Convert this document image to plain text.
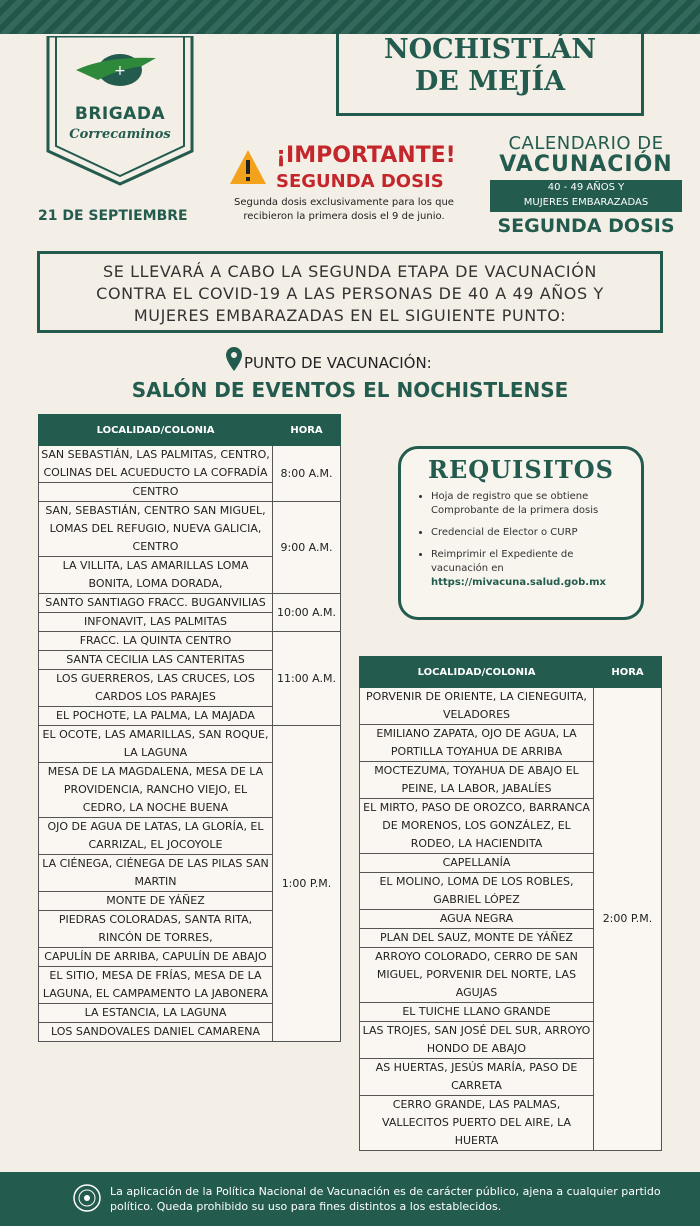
+
BRIGADA
Correcaminos
NOCHISTLÁN
DE MEJÍA
¡IMPORTANTE!
SEGUNDA DOSIS
Segunda dosis exclusivamente para los que
recibieron la primera dosis el 9 de junio.
21 DE SEPTIEMBRE
CALENDARIO DE
VACUNACIÓN
40 - 49 AÑOS Y
MUJERES EMBARAZADAS
SEGUNDA DOSIS
SE LLEVARÁ A CABO LA SEGUNDA ETAPA DE VACUNACIÓN
CONTRA EL COVID-19 A LAS PERSONAS DE 40 A 49 AÑOS Y
MUJERES EMBARAZADAS EN EL SIGUIENTE PUNTO:
PUNTO DE VACUNACIÓN:
SALÓN DE EVENTOS EL NOCHISTLENSE
LOCALIDAD/COLONIA	HORA
SAN SEBASTIÁN, LAS PALMITAS, CENTRO, COLINAS DEL ACUEDUCTO LA COFRADÍA	8:00 A.M.
CENTRO	
SAN, SEBASTIÁN, CENTRO SAN MIGUEL, LOMAS DEL REFUGIO, NUEVA GALICIA, CENTRO	9:00 A.M.
LA VILLITA, LAS AMARILLAS LOMA BONITA, LOMA DORADA,	
SANTO SANTIAGO FRACC. BUGANVILIAS	10:00 A.M.
INFONAVIT, LAS PALMITAS	
FRACC. LA QUINTA CENTRO	11:00 A.M.
SANTA CECILIA LAS CANTERITAS	
LOS GUERREROS, LAS CRUCES, LOS CARDOS LOS PARAJES	
EL POCHOTE, LA PALMA, LA MAJADA	
EL OCOTE, LAS AMARILLAS, SAN ROQUE, LA LAGUNA	1:00 P.M.
MESA DE LA MAGDALENA, MESA DE LA PROVIDENCIA, RANCHO VIEJO, EL CEDRO, LA NOCHE BUENA	
OJO DE AGUA DE LATAS, LA GLORÍA, EL CARRIZAL, EL JOCOYOLE	
LA CIÉNEGA, CIÉNEGA DE LAS PILAS SAN MARTIN	
MONTE DE YÁÑEZ	
PIEDRAS COLORADAS, SANTA RITA, RINCÓN DE TORRES,	
CAPULÍN DE ARRIBA, CAPULÍN DE ABAJO	
EL SITIO, MESA DE FRÍAS, MESA DE LA LAGUNA, EL CAMPAMENTO LA JABONERA	
LA ESTANCIA, LA LAGUNA	
LOS SANDOVALES DANIEL CAMARENA	
REQUISITOS
• Hoja de registro que se obtiene Comprobante de la primera dosis
• Credencial de Elector o CURP
• Reimprimir el Expediente de vacunación en
https://mivacuna.salud.gob.mx
LOCALIDAD/COLONIA	HORA
PORVENIR DE ORIENTE, LA CIENEGUITA, VELADORES	2:00 P.M.
EMILIANO ZAPATA, OJO DE AGUA, LA PORTILLA TOYAHUA DE ARRIBA	
MOCTEZUMA, TOYAHUA DE ABAJO EL PEINE, LA LABOR, JABALÍES	
EL MIRTO, PASO DE OROZCO, BARRANCA DE MORENOS, LOS GONZÁLEZ, EL RODEO, LA HACIENDITA	
CAPELLANÍA	
EL MOLINO, LOMA DE LOS ROBLES, GABRIEL LÓPEZ	
AGUA NEGRA	
PLAN DEL SAUZ, MONTE DE YÁÑEZ	
ARROYO COLORADO, CERRO DE SAN MIGUEL, PORVENIR DEL NORTE, LAS AGUJAS	
EL TUICHE LLANO GRANDE	
LAS TROJES, SAN JOSÉ DEL SUR, ARROYO HONDO DE ABAJO	
AS HUERTAS, JESÚS MARÍA, PASO DE CARRETA	
CERRO GRANDE, LAS PALMAS, VALLECITOS PUERTO DEL AIRE, LA HUERTA	
La aplicación de la Política Nacional de Vacunación es de carácter público, ajena a cualquier partido político. Queda prohibido su uso para fines distintos a los establecidos.
